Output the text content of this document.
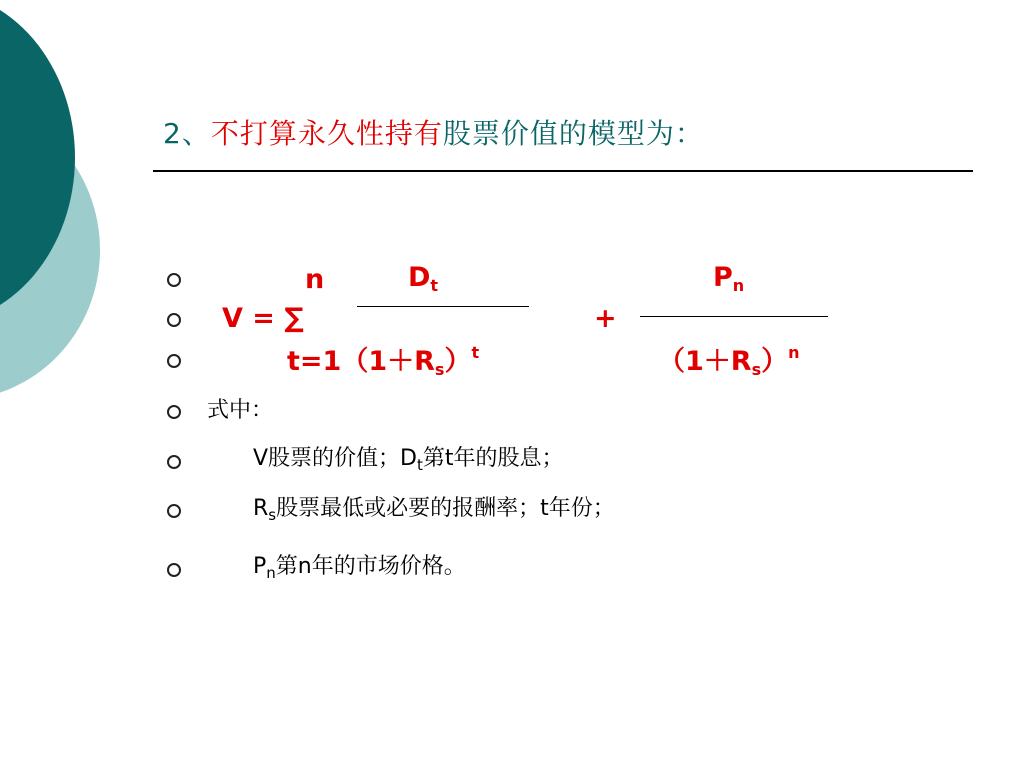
2、不打算永久性持有股票价值的模型为：
n	$D_t$	$P_n$
V = ∑	+
$t=1(1+R_s)^t$	$(1+R_s)^n$
式中：
V股票的价值；$D_t$第t年的股息；
$R_s$股票最低或必要的报酬率；t年份；
$P_n$第n年的市场价格。
